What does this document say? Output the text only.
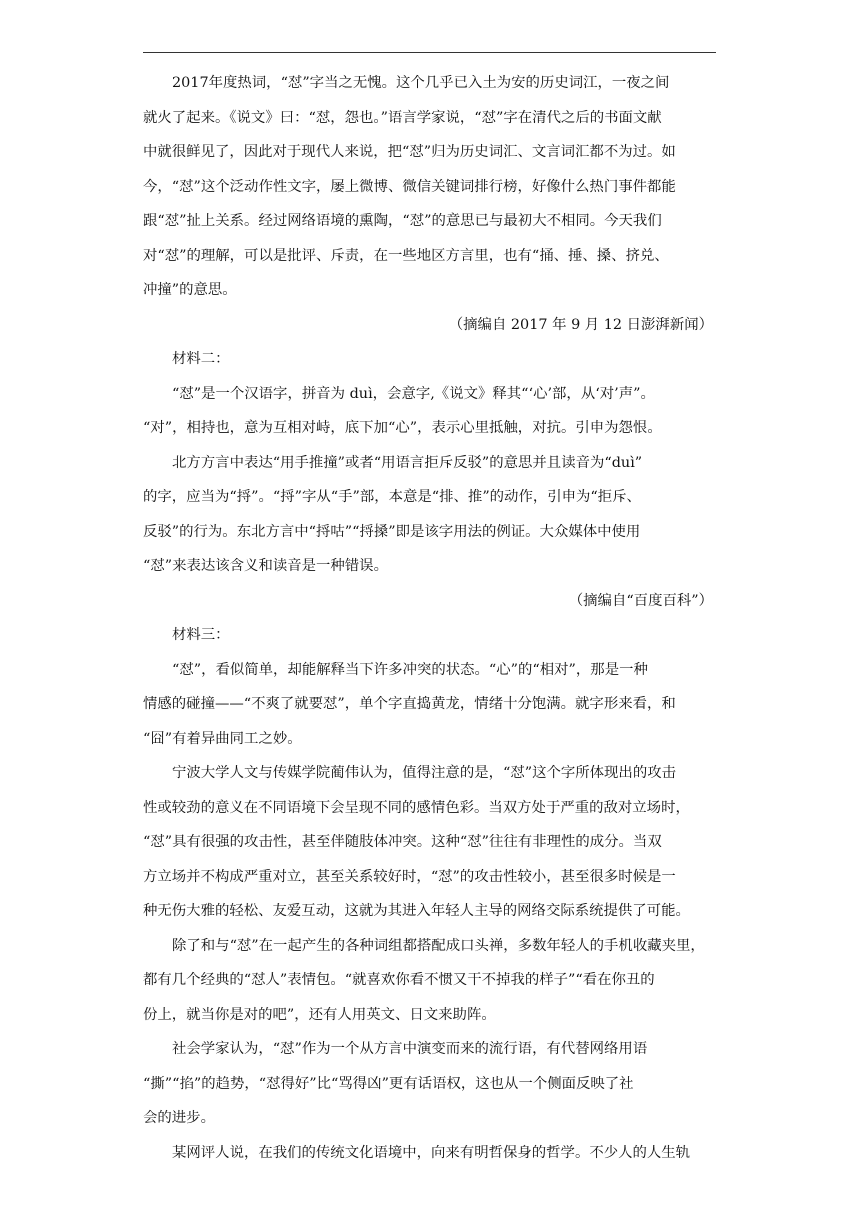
2017年度热词，“怼”字当之无愧。这个几乎已入土为安的历史词江，一夜之间
就火了起来。《说文》曰：“怼，怨也。”语言学家说，“怼”字在清代之后的书面文献
中就很鲜见了，因此对于现代人来说，把“怼”归为历史词汇、文言词汇都不为过。如
今，“怼”这个泛动作性文字，屡上微博、微信关键词排行榜，好像什么热门事件都能
跟“怼”扯上关系。经过网络语境的熏陶，“怼”的意思已与最初大不相同。今天我们
对“怼”的理解，可以是批评、斥责，在一些地区方言里，也有“捅、捶、搡、挤兑、
冲撞”的意思。
（摘编自 2017 年 9 月 12 日澎湃新闻）
材料二：
“怼”是一个汉语字，拼音为 duì，会意字,《说文》释其“‘心’部，从‘对’声”。
“对”，相持也，意为互相对峙，底下加“心”，表示心里抵触，对抗。引申为怨恨。
北方方言中表达“用手推撞”或者“用语言拒斥反驳”的意思并且读音为“duì”
的字，应当为“捋”。“捋”字从“手”部，本意是“排、推”的动作，引申为“拒斥、
反驳”的行为。东北方言中“捋咕”“捋搡”即是该字用法的例证。大众媒体中使用
“怼”来表达该含义和读音是一种错误。
（摘编自“百度百科”）
材料三：
“怼”，看似简单，却能解释当下许多冲突的状态。“心”的“相对”，那是一种
情感的碰撞——“不爽了就要怼”，单个字直捣黄龙，情绪十分饱满。就字形来看，和
“囧”有着异曲同工之妙。
宁波大学人文与传媒学院蔺伟认为，值得注意的是，“怼”这个字所体现出的攻击
性或较劲的意义在不同语境下会呈现不同的感情色彩。当双方处于严重的敌对立场时，
“怼”具有很强的攻击性，甚至伴随肢体冲突。这种“怼”往往有非理性的成分。当双
方立场并不构成严重对立，甚至关系较好时，“怼”的攻击性较小，甚至很多时候是一
种无伤大雅的轻松、友爱互动，这就为其进入年轻人主导的网络交际系统提供了可能。
除了和与“怼”在一起产生的各种词组都搭配成口头禅，多数年轻人的手机收藏夹里，
都有几个经典的“怼人”表情包。“就喜欢你看不惯又干不掉我的样子”“看在你丑的
份上，就当你是对的吧”，还有人用英文、日文来助阵。
社会学家认为，“怼”作为一个从方言中演变而来的流行语，有代替网络用语
“撕”“掐”的趋势，“怼得好”比“骂得凶”更有话语权，这也从一个侧面反映了社
会的进步。
某网评人说，在我们的传统文化语境中，向来有明哲保身的哲学。不少人的人生轨
